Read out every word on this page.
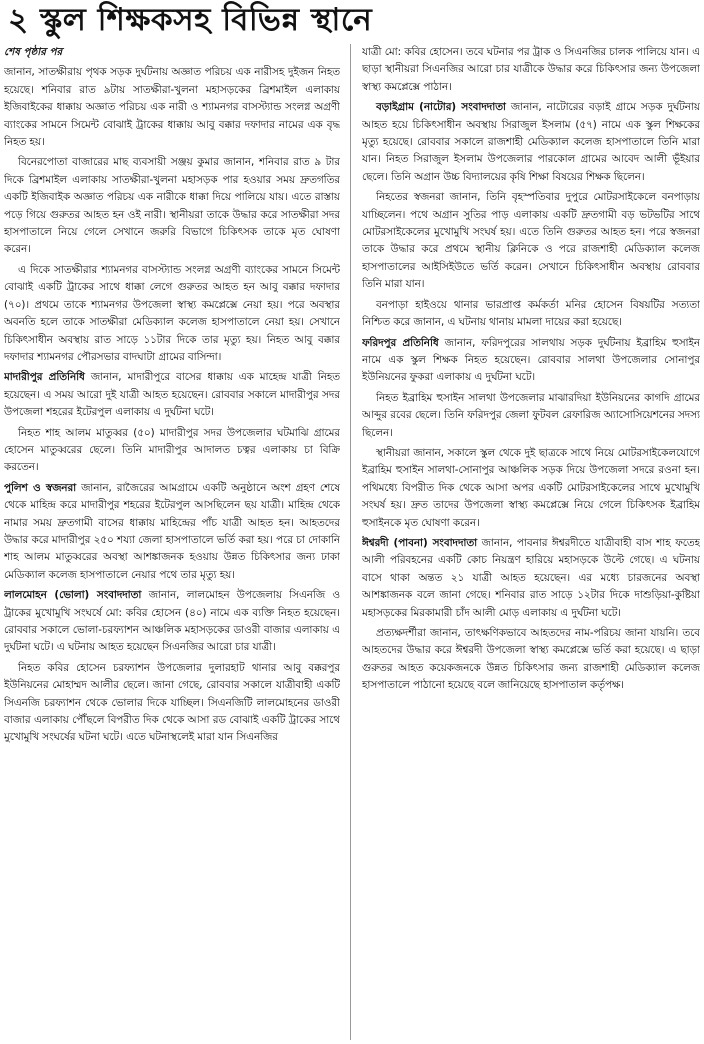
২ স্কুল শিক্ষকসহ বিভিন্ন স্থানে

শেষ পৃষ্ঠার পর

জানান, সাতক্ষীরায় পৃথক সড়ক দুর্ঘটনায় অজ্ঞাত পরিচয় এক নারীসহ দুইজন নিহত হয়েছে। শনিবার রাত ৯টায় সাতক্ষীরা-খুলনা মহাসড়কের ব্রিশমাইল এলাকায় ইজিবাইকের ধাক্কায় অজ্ঞাত পরিচয় এক নারী ও শ্যামনগর বাসস্ট্যান্ড সংলগ্ন অগ্রণী ব্যাংকের সামনে সিমেন্ট বোঝাই ট্রাকের ধাক্কায় আবু বক্কার দফাদার নামের এক বৃদ্ধ নিহত হয়।

বিনেরপোতা বাজারের মাছ ব্যবসায়ী সঞ্জয় কুমার জানান, শনিবার রাত ৯ টার দিকে ব্রিশমাইল এলাকায় সাতক্ষীরা-খুলনা মহাসড়ক পার হওয়ার সময় দ্রুতগতির একটি ইজিবাইক অজ্ঞাত পরিচয় এক নারীকে ধাক্কা দিয়ে পালিয়ে যায়। এতে রাস্তায় পড়ে গিয়ে গুরুতর আহত হন ওই নারী। স্থানীয়রা তাকে উদ্ধার করে সাতক্ষীরা সদর হাসপাতালে নিয়ে গেলে সেখানে জরুরি বিভাগে চিকিৎসক তাকে মৃত ঘোষণা করেন।

এ দিকে সাতক্ষীরার শ্যামনগর বাসস্ট্যান্ড সংলগ্ন অগ্রণী ব্যাংকের সামনে সিমেন্ট বোঝাই একটি ট্রাকের সাথে ধাক্কা লেগে গুরুতর আহত হন আবু বক্কার দফাদার (৭০)। প্রথমে তাকে শ্যামনগর উপজেলা স্বাস্থ্য কমপ্লেক্সে নেয়া হয়। পরে অবস্থার অবনতি হলে তাকে সাতক্ষীরা মেডিক্যাল কলেজ হাসপাতালে নেয়া হয়। সেখানে চিকিৎসাধীন অবস্থায় রাত সাড়ে ১১টার দিকে তার মৃত্যু হয়। নিহত আবু বক্কার দফাদার শ্যামনগর পৌরসভার বাদঘাটা গ্রামের বাসিন্দা।

মাদারীপুর প্রতিনিধি জানান, মাদারীপুরে বাসের ধাক্কায় এক মাহেন্দ্র যাত্রী নিহত হয়েছেন। এ সময় আরো দুই যাত্রী আহত হয়েছেন। রোববার সকালে মাদারীপুর সদর উপজেলা শহরের ইটেরপুল এলাকায় এ দুর্ঘটনা ঘটে।

নিহত শাহ আলম মাতুব্বর (৫০) মাদারীপুর সদর উপজেলার ঘটমাঝি গ্রামের হোসেন মাতুব্বরের ছেলে। তিনি মাদারীপুর আদালত চত্বর এলাকায় চা বিক্রি করতেন।

পুলিশ ও স্বজনরা জানান, রাজৈরের আমগ্রামে একটি অনুষ্ঠানে অংশ গ্রহণ শেষে থেকে মাহিন্দ্র করে মাদারীপুর শহরের ইটেরপুল আসছিলেন ছয় যাত্রী। মাহিন্দ্র থেকে নামার সময় দ্রুতগামী বাসের ধাক্কায় মাহিন্দ্রের পাঁচ যাত্রী আহত হন। আহতদের উদ্ধার করে মাদারীপুর ২৫০ শয্যা জেলা হাসপাতালে ভর্তি করা হয়। পরে চা দোকানি শাহ আলম মাতুব্বরের অবস্থা আশঙ্কাজনক হওয়ায় উন্নত চিকিৎসার জন্য ঢাকা মেডিক্যাল কলেজ হাসপাতালে নেয়ার পথে তার মৃত্যু হয়।

লালমোহন (ভোলা) সংবাদদাতা জানান, লালমোহন উপজেলায় সিএনজি ও ট্রাকের মুখোমুখি সংঘর্ষে মো: কবির হোসেন (৪০) নামে এক ব্যক্তি নিহত হয়েছেন। রোববার সকালে ভোলা-চরফ্যাশন আঞ্চলিক মহাসড়কের ডাওরী বাজার এলাকায় এ দুর্ঘটনা ঘটে। এ ঘটনায় আহত হয়েছেন সিএনজির আরো চার যাত্রী।

নিহত কবির হোসেন চরফ্যাশন উপজেলার দুলারহাট থানার আবু বক্করপুর ইউনিয়নের মোহাম্মদ আলীর ছেলে। জানা গেছে, রোববার সকালে যাত্রীবাহী একটি সিএনজি চরফ্যাশন থেকে ভোলার দিকে যাচ্ছিল। সিএনজিটি লালমোহনের ডাওরী বাজার এলাকায় পৌঁছলে বিপরীত দিক থেকে আসা রড বোঝাই একটি ট্রাকের সাথে মুখোমুখি সংঘর্ষের ঘটনা ঘটে। এতে ঘটনাস্থলেই মারা যান সিএনজির

যাত্রী মো: কবির হোসেন। তবে ঘটনার পর ট্রাক ও সিএনজির চালক পালিয়ে যান। এ ছাড়া স্থানীয়রা সিএনজির আরো চার যাত্রীকে উদ্ধার করে চিকিৎসার জন্য উপজেলা স্বাস্থ্য কমপ্লেক্সে পাঠান।

বড়াইগ্রাম (নাটোর) সংবাদদাতা জানান, নাটোরের বড়াই গ্রামে সড়ক দুর্ঘটনায় আহত হয়ে চিকিৎসাধীন অবস্থায় সিরাজুল ইসলাম (৫৭) নামে এক স্কুল শিক্ষকের মৃত্যু হয়েছে। রোববার সকালে রাজশাহী মেডিক্যাল কলেজ হাসপাতালে তিনি মারা যান। নিহত সিরাজুল ইসলাম উপজেলার পারকোল গ্রামের আবেদ আলী ভূঁইয়ার ছেলে। তিনি অগ্রান উচ্চ বিদ্যালয়ের কৃষি শিক্ষা বিষয়ের শিক্ষক ছিলেন।

নিহতের স্বজনরা জানান, তিনি বৃহস্পতিবার দুপুরে মোটরসাইকেলে বনপাড়ায় যাচ্ছিলেন। পথে অগ্রান সুতির পাড় এলাকায় একটি দ্রুতগামী বড় ভটভটির সাথে মোটরসাইকেলের মুখোমুখি সংঘর্ষ হয়। এতে তিনি গুরুতর আহত হন। পরে স্বজনরা তাকে উদ্ধার করে প্রথমে স্থানীয় ক্লিনিকে ও পরে রাজশাহী মেডিক্যাল কলেজ হাসপাতালের আইসিইউতে ভর্তি করেন। সেখানে চিকিৎসাধীন অবস্থায় রোববার তিনি মারা যান।

বনপাড়া হাইওয়ে থানার ভারপ্রাপ্ত কর্মকর্তা মনির হোসেন বিষয়টির সত্যতা নিশ্চিত করে জানান, এ ঘটনায় থানায় মামলা দায়ের করা হয়েছে।

ফরিদপুর প্রতিনিধি জানান, ফরিদপুরের সালথায় সড়ক দুর্ঘটনায় ইব্রাহিম হুসাইন নামে এক স্কুল শিক্ষক নিহত হয়েছেন। রোববার সালথা উপজেলার সোনাপুর ইউনিয়নের ফুকরা এলাকায় এ দুর্ঘটনা ঘটে।

নিহত ইব্রাহিম হুসাইন সালথা উপজেলার মাঝারদিয়া ইউনিয়নের কাগদি গ্রামের আব্দুর রবের ছেলে। তিনি ফরিদপুর জেলা ফুটবল রেফারিজ অ্যাসোসিয়েশনের সদস্য ছিলেন।

স্থানীয়রা জানান, সকালে স্কুল থেকে দুই ছাত্রকে সাথে নিয়ে মোটরসাইকেলযোগে ইব্রাহিম হুসাইন সালথা-সোনাপুর আঞ্চলিক সড়ক দিয়ে উপজেলা সদরে রওনা হন। পথিমধ্যে বিপরীত দিক থেকে আসা অপর একটি মোটরসাইকেলের সাথে মুখোমুখি সংঘর্ষ হয়। দ্রুত তাদের উপজেলা স্বাস্থ্য কমপ্লেক্সে নিয়ে গেলে চিকিৎসক ইব্রাহিম হুসাইনকে মৃত ঘোষণা করেন।

ঈশ্বরদী (পাবনা) সংবাদদাতা জানান, পাবনার ঈশ্বরদীতে যাত্রীবাহী বাস শাহ ফতেহ আলী পরিবহনের একটি কোচ নিয়ন্ত্রণ হারিয়ে মহাসড়কে উল্টে গেছে। এ ঘটনায় বাসে থাকা অন্তত ২১ যাত্রী আহত হয়েছেন। এর মধ্যে চারজনের অবস্থা আশঙ্কাজনক বলে জানা গেছে। শনিবার রাত সাড়ে ১২টার দিকে দাশুড়িয়া-কুষ্টিয়া মহাসড়কের মিরকামারী চাঁদ আলী মোড় এলাকায় এ দুর্ঘটনা ঘটে।

প্রত্যক্ষদর্শীরা জানান, তাৎক্ষণিকভাবে আহতদের নাম-পরিচয় জানা যায়নি। তবে আহতদের উদ্ধার করে ঈশ্বরদী উপজেলা স্বাস্থ্য কমপ্লেক্সে ভর্তি করা হয়েছে। এ ছাড়া গুরুতর আহত কয়েকজনকে উন্নত চিকিৎসার জন্য রাজশাহী মেডিক্যাল কলেজ হাসপাতালে পাঠানো হয়েছে বলে জানিয়েছে হাসপাতাল কর্তৃপক্ষ।
